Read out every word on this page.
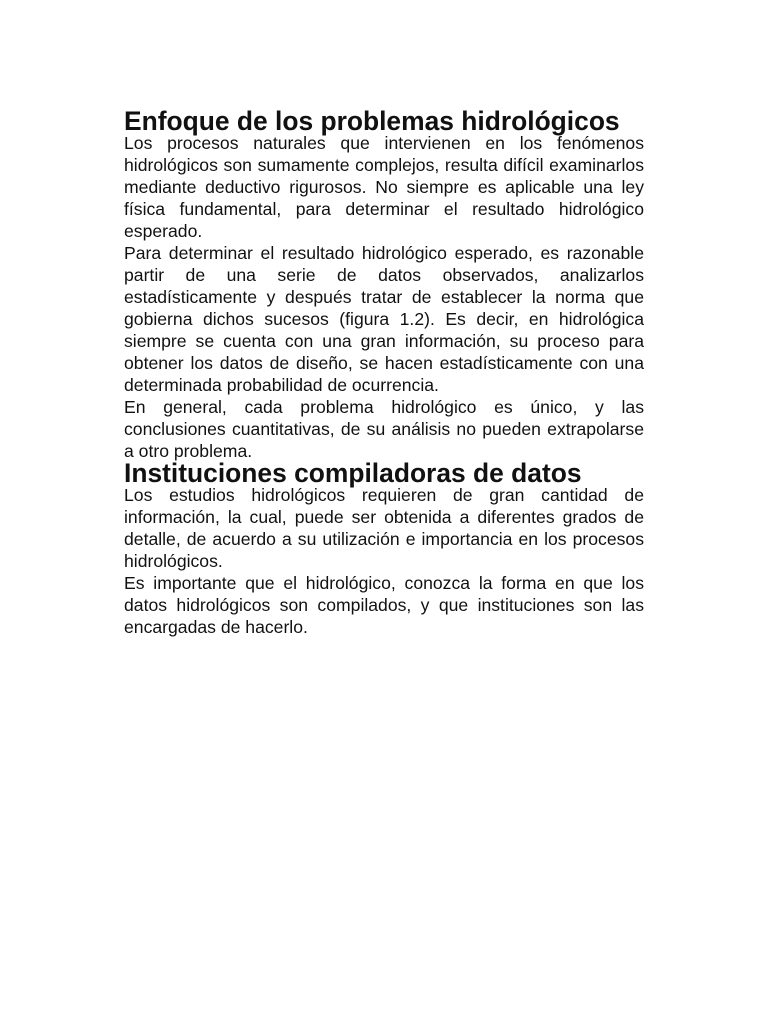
Enfoque de los problemas hidrológicos

Los procesos naturales que intervienen en los fenómenos hidrológicos son sumamente complejos, resulta difícil examinarlos mediante deductivo rigurosos. No siempre es aplicable una ley física fundamental, para determinar el resultado hidrológico esperado.

Para determinar el resultado hidrológico esperado, es razonable partir de una serie de datos observados, analizarlos estadísticamente y después tratar de establecer la norma que gobierna dichos sucesos (figura 1.2). Es decir, en hidrológica siempre se cuenta con una gran información, su proceso para obtener los datos de diseño, se hacen estadísticamente con una determinada probabilidad de ocurrencia.

En general, cada problema hidrológico es único, y las conclusiones cuantitativas, de su análisis no pueden extrapolarse a otro problema.

Instituciones compiladoras de datos

Los estudios hidrológicos requieren de gran cantidad de información, la cual, puede ser obtenida a diferentes grados de detalle, de acuerdo a su utilización e importancia en los procesos hidrológicos.

Es importante que el hidrológico, conozca la forma en que los datos hidrológicos son compilados, y que instituciones son las encargadas de hacerlo.
